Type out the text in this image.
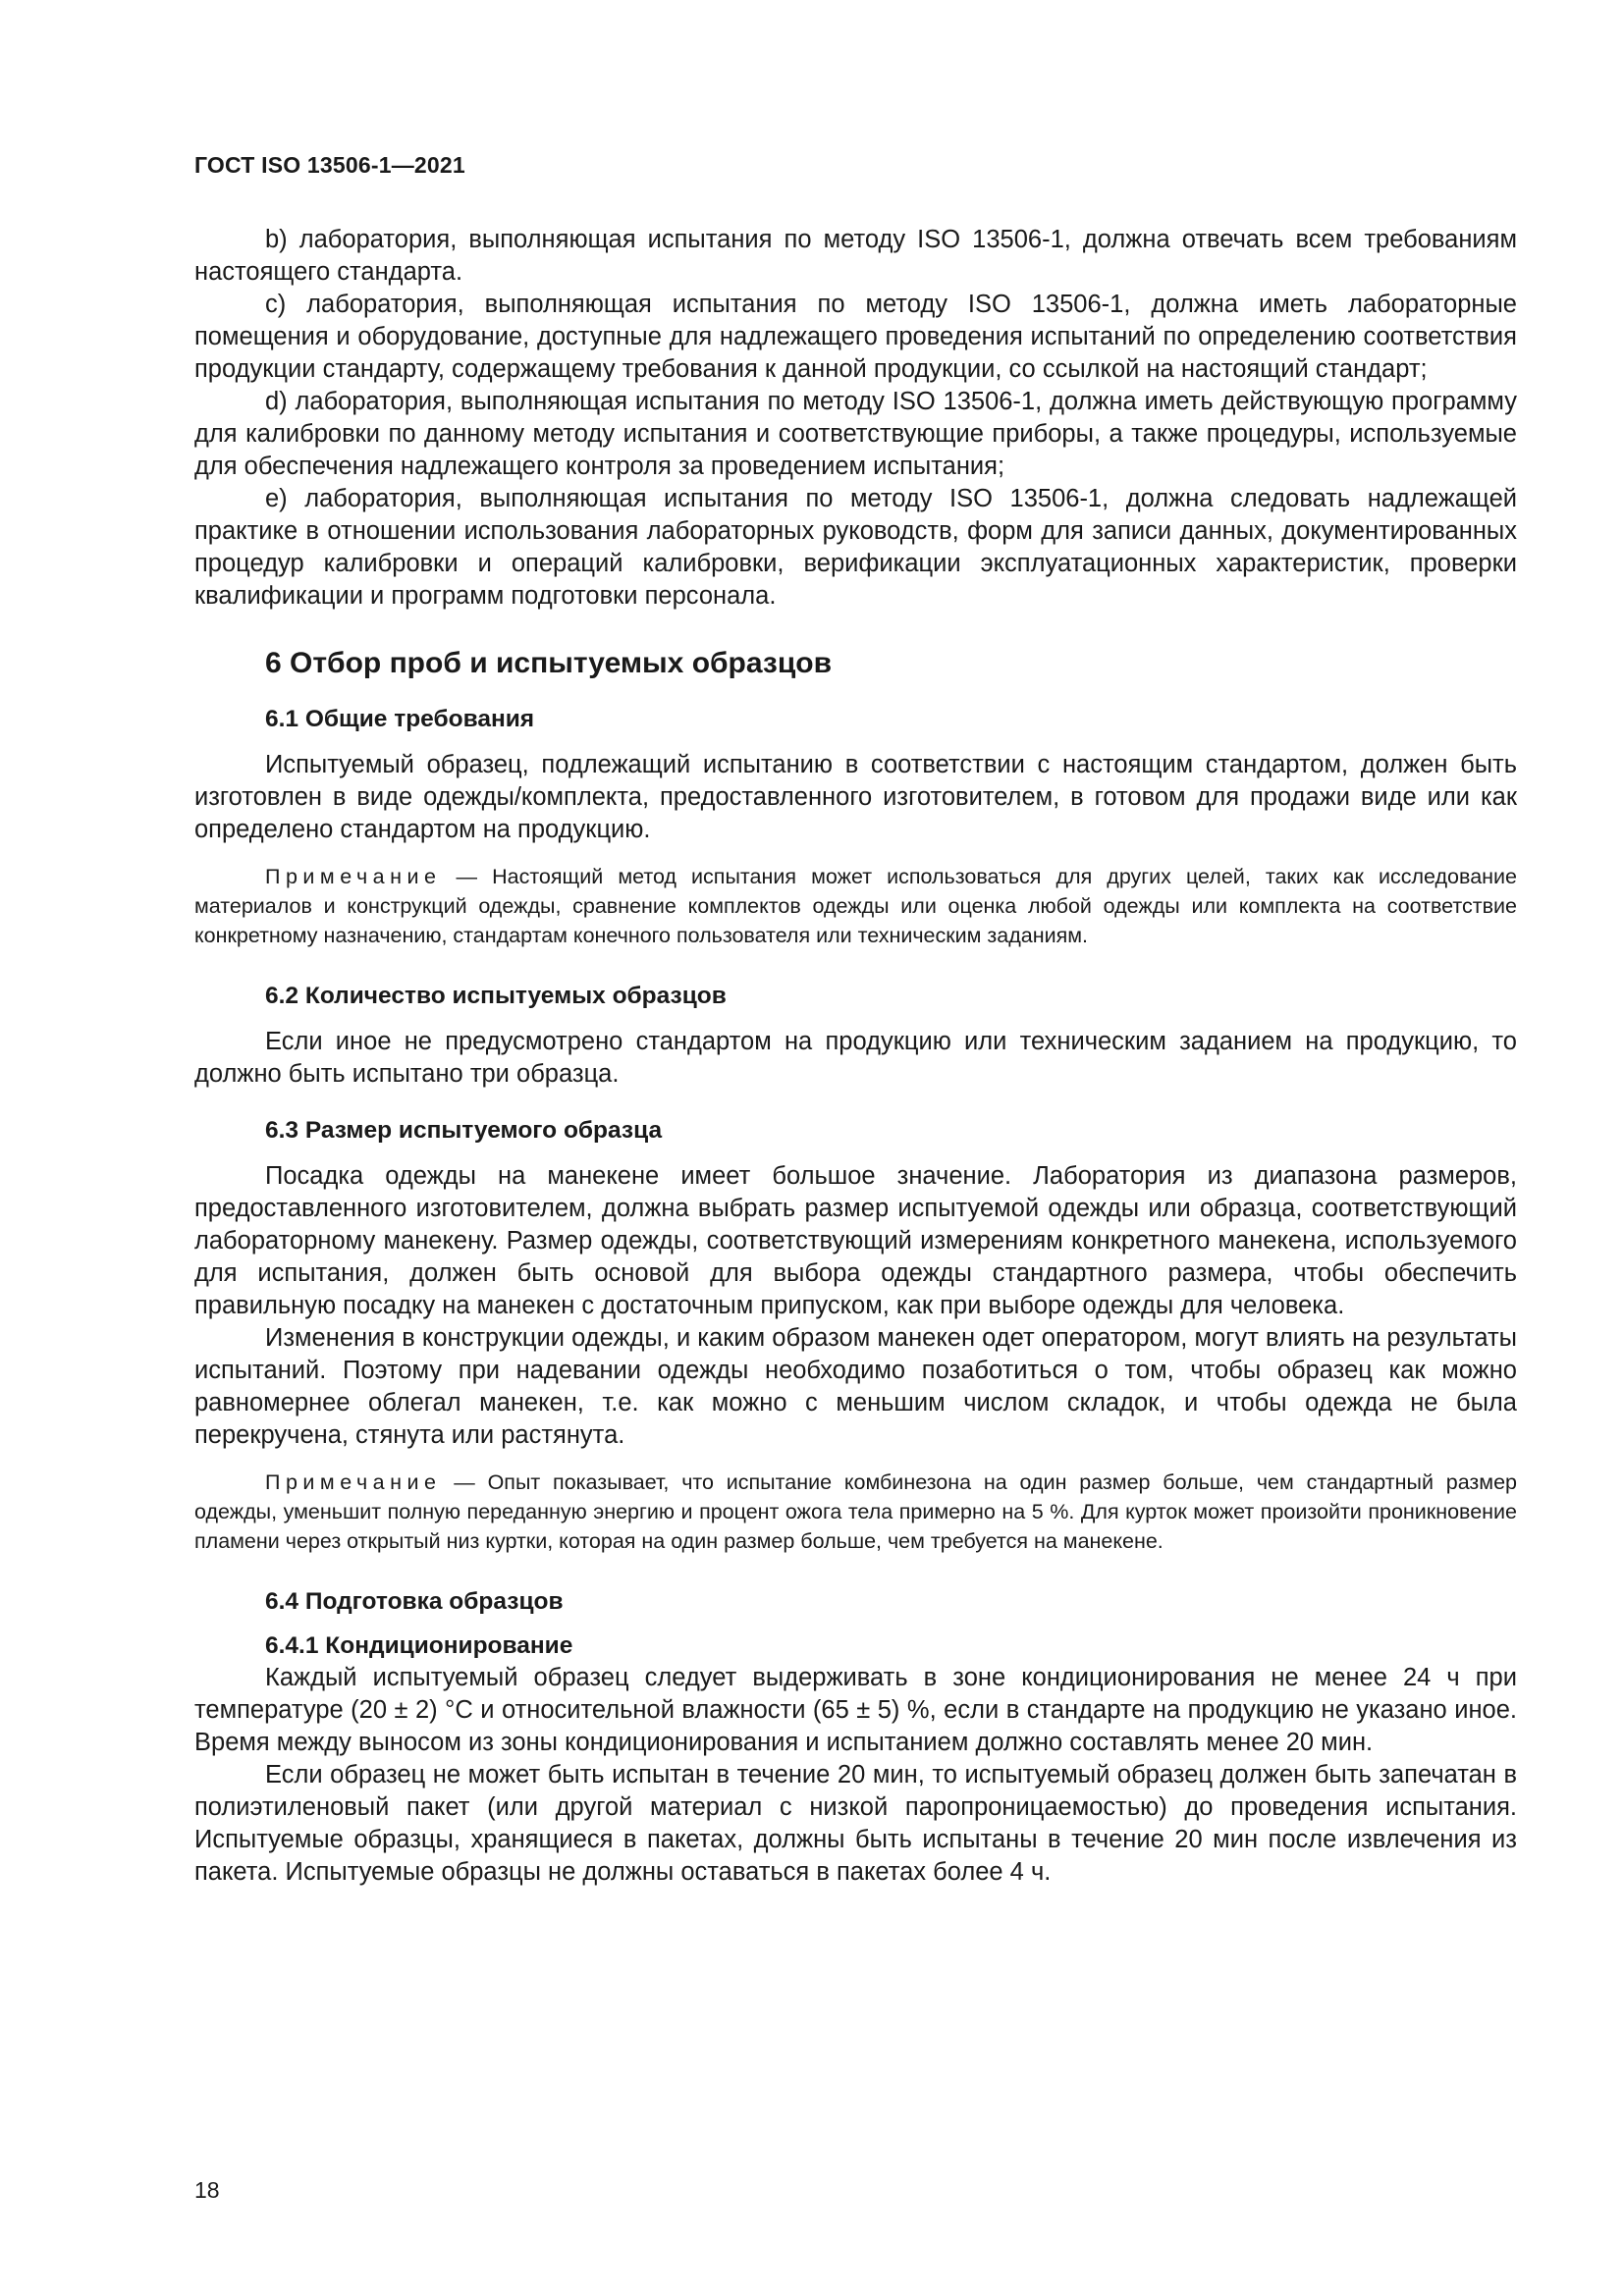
ГОСТ ISO 13506-1—2021

b) лаборатория, выполняющая испытания по методу ISO 13506-1, должна отвечать всем требованиям настоящего стандарта.

c) лаборатория, выполняющая испытания по методу ISO 13506-1, должна иметь лабораторные помещения и оборудование, доступные для надлежащего проведения испытаний по определению соответствия продукции стандарту, содержащему требования к данной продукции, со ссылкой на настоящий стандарт;

d) лаборатория, выполняющая испытания по методу ISO 13506-1, должна иметь действующую программу для калибровки по данному методу испытания и соответствующие приборы, а также процедуры, используемые для обеспечения надлежащего контроля за проведением испытания;

e) лаборатория, выполняющая испытания по методу ISO 13506-1, должна следовать надлежащей практике в отношении использования лабораторных руководств, форм для записи данных, документированных процедур калибровки и операций калибровки, верификации эксплуатационных характеристик, проверки квалификации и программ подготовки персонала.

6 Отбор проб и испытуемых образцов
6.1 Общие требования

Испытуемый образец, подлежащий испытанию в соответствии с настоящим стандартом, должен быть изготовлен в виде одежды/комплекта, предоставленного изготовителем, в готовом для продажи виде или как определено стандартом на продукцию.

Примечание — Настоящий метод испытания может использоваться для других целей, таких как исследование материалов и конструкций одежды, сравнение комплектов одежды или оценка любой одежды или комплекта на соответствие конкретному назначению, стандартам конечного пользователя или техническим заданиям.

6.2 Количество испытуемых образцов

Если иное не предусмотрено стандартом на продукцию или техническим заданием на продукцию, то должно быть испытано три образца.

6.3 Размер испытуемого образца

Посадка одежды на манекене имеет большое значение. Лаборатория из диапазона размеров, предоставленного изготовителем, должна выбрать размер испытуемой одежды или образца, соответствующий лабораторному манекену. Размер одежды, соответствующий измерениям конкретного манекена, используемого для испытания, должен быть основой для выбора одежды стандартного размера, чтобы обеспечить правильную посадку на манекен с достаточным припуском, как при выборе одежды для человека.

Изменения в конструкции одежды, и каким образом манекен одет оператором, могут влиять на результаты испытаний. Поэтому при надевании одежды необходимо позаботиться о том, чтобы образец как можно равномернее облегал манекен, т.е. как можно с меньшим числом складок, и чтобы одежда не была перекручена, стянута или растянута.

Примечание — Опыт показывает, что испытание комбинезона на один размер больше, чем стандартный размер одежды, уменьшит полную переданную энергию и процент ожога тела примерно на 5 %. Для курток может произойти проникновение пламени через открытый низ куртки, которая на один размер больше, чем требуется на манекене.

6.4 Подготовка образцов
6.4.1 Кондиционирование

Каждый испытуемый образец следует выдерживать в зоне кондиционирования не менее 24 ч при температуре (20 ± 2) °С и относительной влажности (65 ± 5) %, если в стандарте на продукцию не указано иное. Время между выносом из зоны кондиционирования и испытанием должно составлять менее 20 мин.

Если образец не может быть испытан в течение 20 мин, то испытуемый образец должен быть запечатан в полиэтиленовый пакет (или другой материал с низкой паропроницаемостью) до проведения испытания. Испытуемые образцы, хранящиеся в пакетах, должны быть испытаны в течение 20 мин после извлечения из пакета. Испытуемые образцы не должны оставаться в пакетах более 4 ч.

18
